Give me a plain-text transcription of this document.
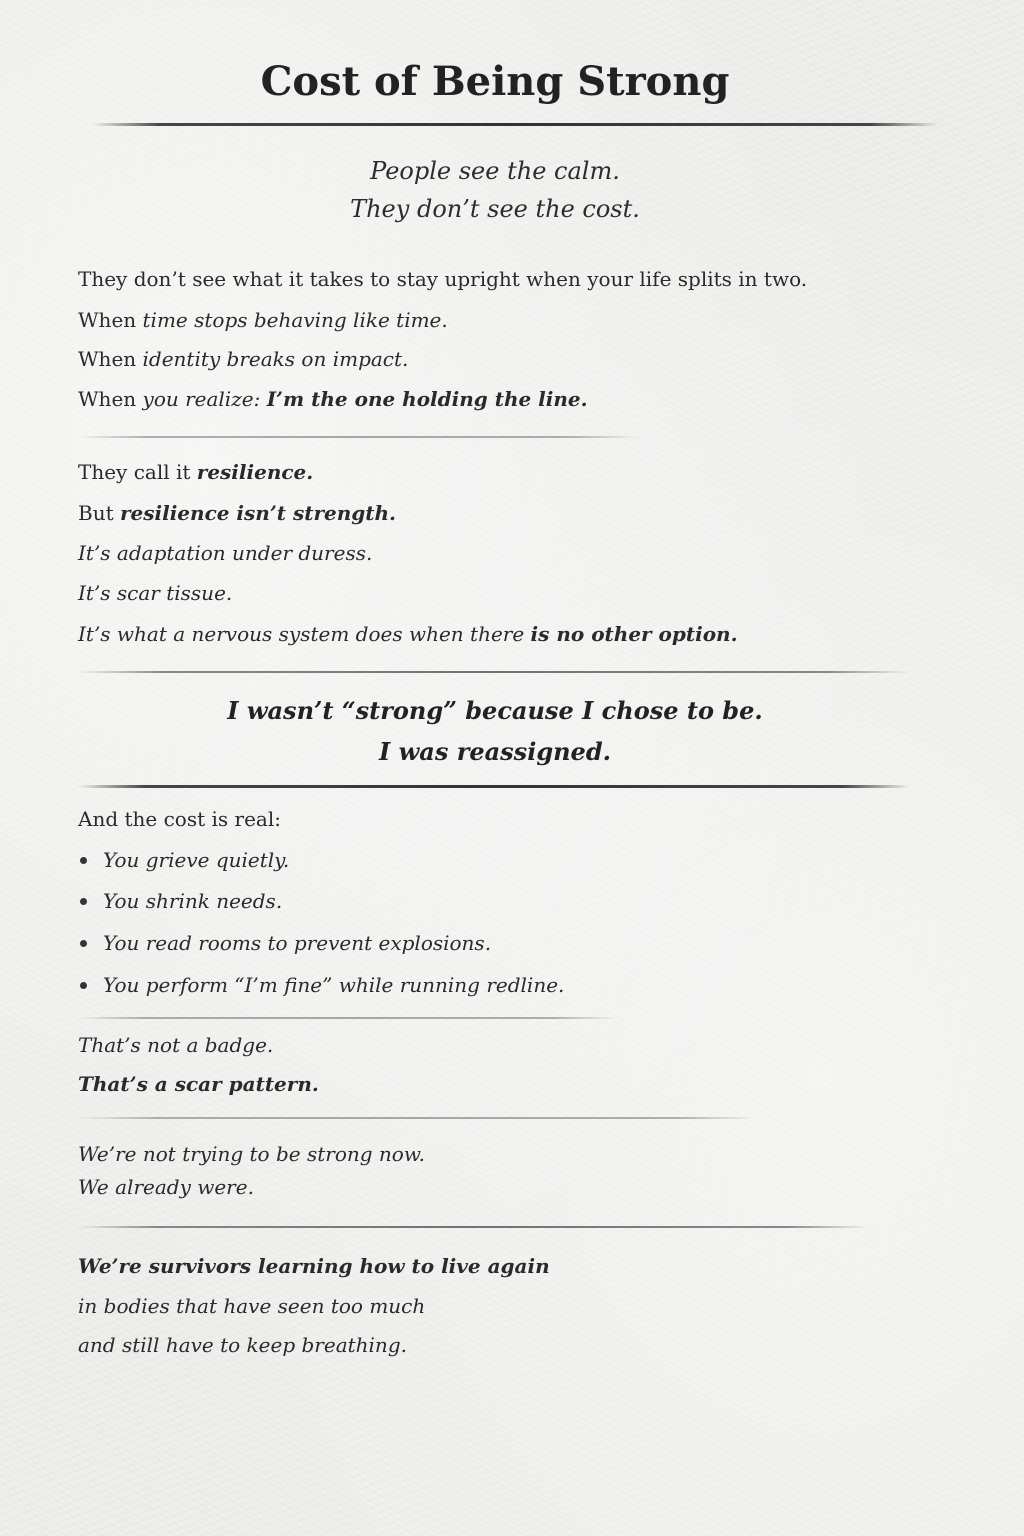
Cost of Being Strong

People see the calm.

They don’t see the cost.

They don’t see what it takes to stay upright when your life splits in two.

When time stops behaving like time.

When identity breaks on impact.

When you realize: I’m the one holding the line.

They call it resilience.

But resilience isn’t strength.

It’s adaptation under duress.

It’s scar tissue.

It’s what a nervous system does when there is no other option.

I wasn’t “strong” because I chose to be.

I was reassigned.

And the cost is real:

You grieve quietly.

You shrink needs.

You read rooms to prevent explosions.

You perform “I’m fine” while running redline.

That’s not a badge.

That’s a scar pattern.

We’re not trying to be strong now.

We already were.

We’re survivors learning how to live again

in bodies that have seen too much

and still have to keep breathing.
